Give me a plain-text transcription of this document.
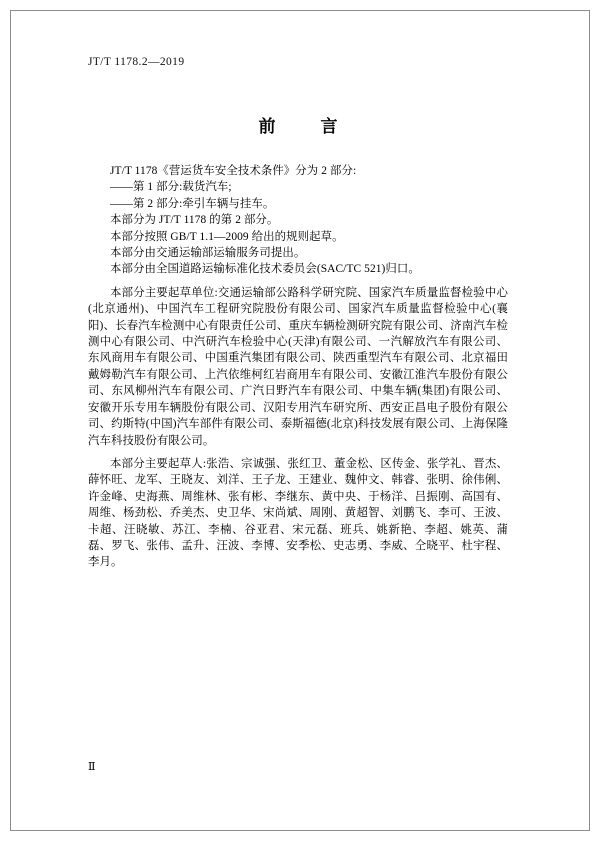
JT/T 1178.2—2019
前　言

JT/T 1178《营运货车安全技术条件》分为 2 部分:

——第 1 部分:载货汽车;

——第 2 部分:牵引车辆与挂车。

本部分为 JT/T 1178 的第 2 部分。

本部分按照 GB/T 1.1—2009 给出的规则起草。

本部分由交通运输部运输服务司提出。

本部分由全国道路运输标准化技术委员会(SAC/TC 521)归口。

本部分主要起草单位:交通运输部公路科学研究院、国家汽车质量监督检验中心(北京通州)、中国汽车工程研究院股份有限公司、国家汽车质量监督检验中心(襄阳)、长春汽车检测中心有限责任公司、重庆车辆检测研究院有限公司、济南汽车检测中心有限公司、中汽研汽车检验中心(天津)有限公司、一汽解放汽车有限公司、东风商用车有限公司、中国重汽集团有限公司、陕西重型汽车有限公司、北京福田戴姆勒汽车有限公司、上汽依维柯红岩商用车有限公司、安徽江淮汽车股份有限公司、东风柳州汽车有限公司、广汽日野汽车有限公司、中集车辆(集团)有限公司、安徽开乐专用车辆股份有限公司、汉阳专用汽车研究所、西安正昌电子股份有限公司、约斯特(中国)汽车部件有限公司、泰斯福德(北京)科技发展有限公司、上海保隆汽车科技股份有限公司。

本部分主要起草人:张浩、宗诚强、张红卫、董金松、区传金、张学礼、晋杰、薛怀旺、龙军、王晓友、刘洋、王子龙、王建业、魏仲文、韩睿、张明、徐伟俐、许金峰、史海燕、周维林、张有彬、李继东、黄中央、于杨洋、吕振刚、高国有、周维、杨劲松、乔美杰、史卫华、宋尚斌、周刚、黄超智、刘鹏飞、李可、王波、卡超、汪晓敏、苏江、李楠、谷亚君、宋元磊、班兵、姚新艳、李超、姚英、蒲磊、罗飞、张伟、孟升、汪波、李博、安季松、史志勇、李威、仝晓平、杜宇程、李月。

Ⅱ
